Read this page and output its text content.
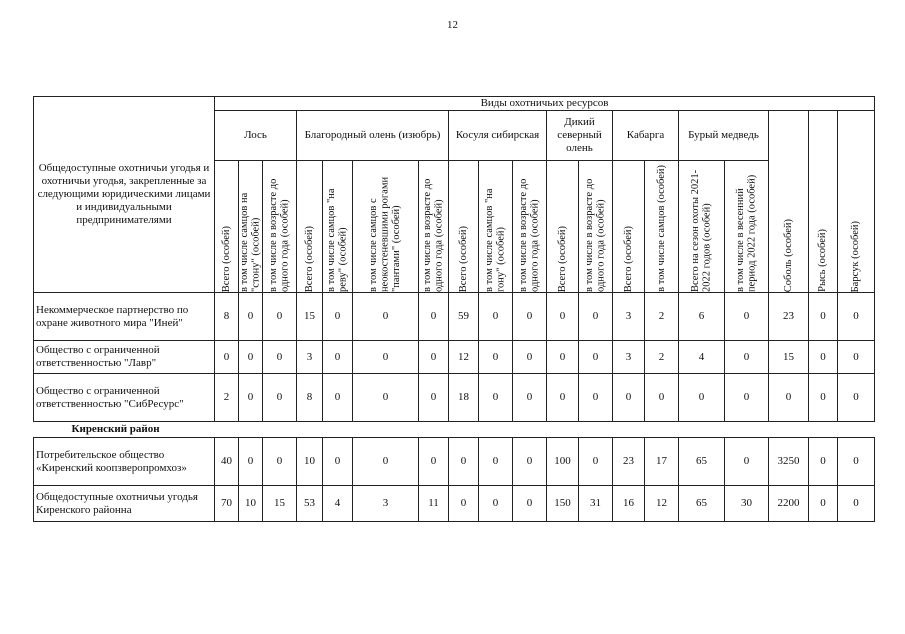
12
Общедоступные охотничьи угодья и охотничьи угодья, закрепленные за следующими юридическими лицами и индивидуальными предпринимателями	Виды охотничьих ресурсов																		
	Лось			Благородный олень (изюбрь)				Косуля сибирская			Дикий северный олень		Кабарга		Бурый медведь		Соболь (особей)	Рысь (особей)	Барсук (особей)

	Всего (особей)	в том числе самцов на "стону" (особей)	в том числе в возрасте до одного года (особей)	Всего (особей)	в том числе самцов "на реву" (особей)	в том числе самцов с неокостеневшими рогами "пантами" (особей)	в том числе в возрасте до одного года (особей)	Всего (особей)	в том числе самцов "на гону" (особей)	в том числе в возрасте до одного года (особей)	Всего (особей)	в том числе в возрасте до одного года (особей)	Всего (особей)	в том числе самцов (особей)	Всего на сезон охоты 2021-2022 годов (особей)	в том числе в весенний период 2022 года (особей)			

Некоммерческое партнерство по охране животного мира "Иней"	8	0	0	15	0	0	0	59	0	0	0	0	3	2	6	0	23	0	0
Общество с ограниченной ответственностью "Лавр"	0	0	0	3	0	0	0	12	0	0	0	0	3	2	4	0	15	0	0
Общество с ограниченной ответственностью "СибРесурс"	2	0	0	8	0	0	0	18	0	0	0	0	0	0	0	0	0	0	0
Киренский район																			
Потребительское общество «Киренский коопзверопромхоз»	40	0	0	10	0	0	0	0	0	0	100	0	23	17	65	0	3250	0	0
Общедоступные охотничьи угодья Киренского районна	70	10	15	53	4	3	11	0	0	0	150	31	16	12	65	30	2200	0	0
